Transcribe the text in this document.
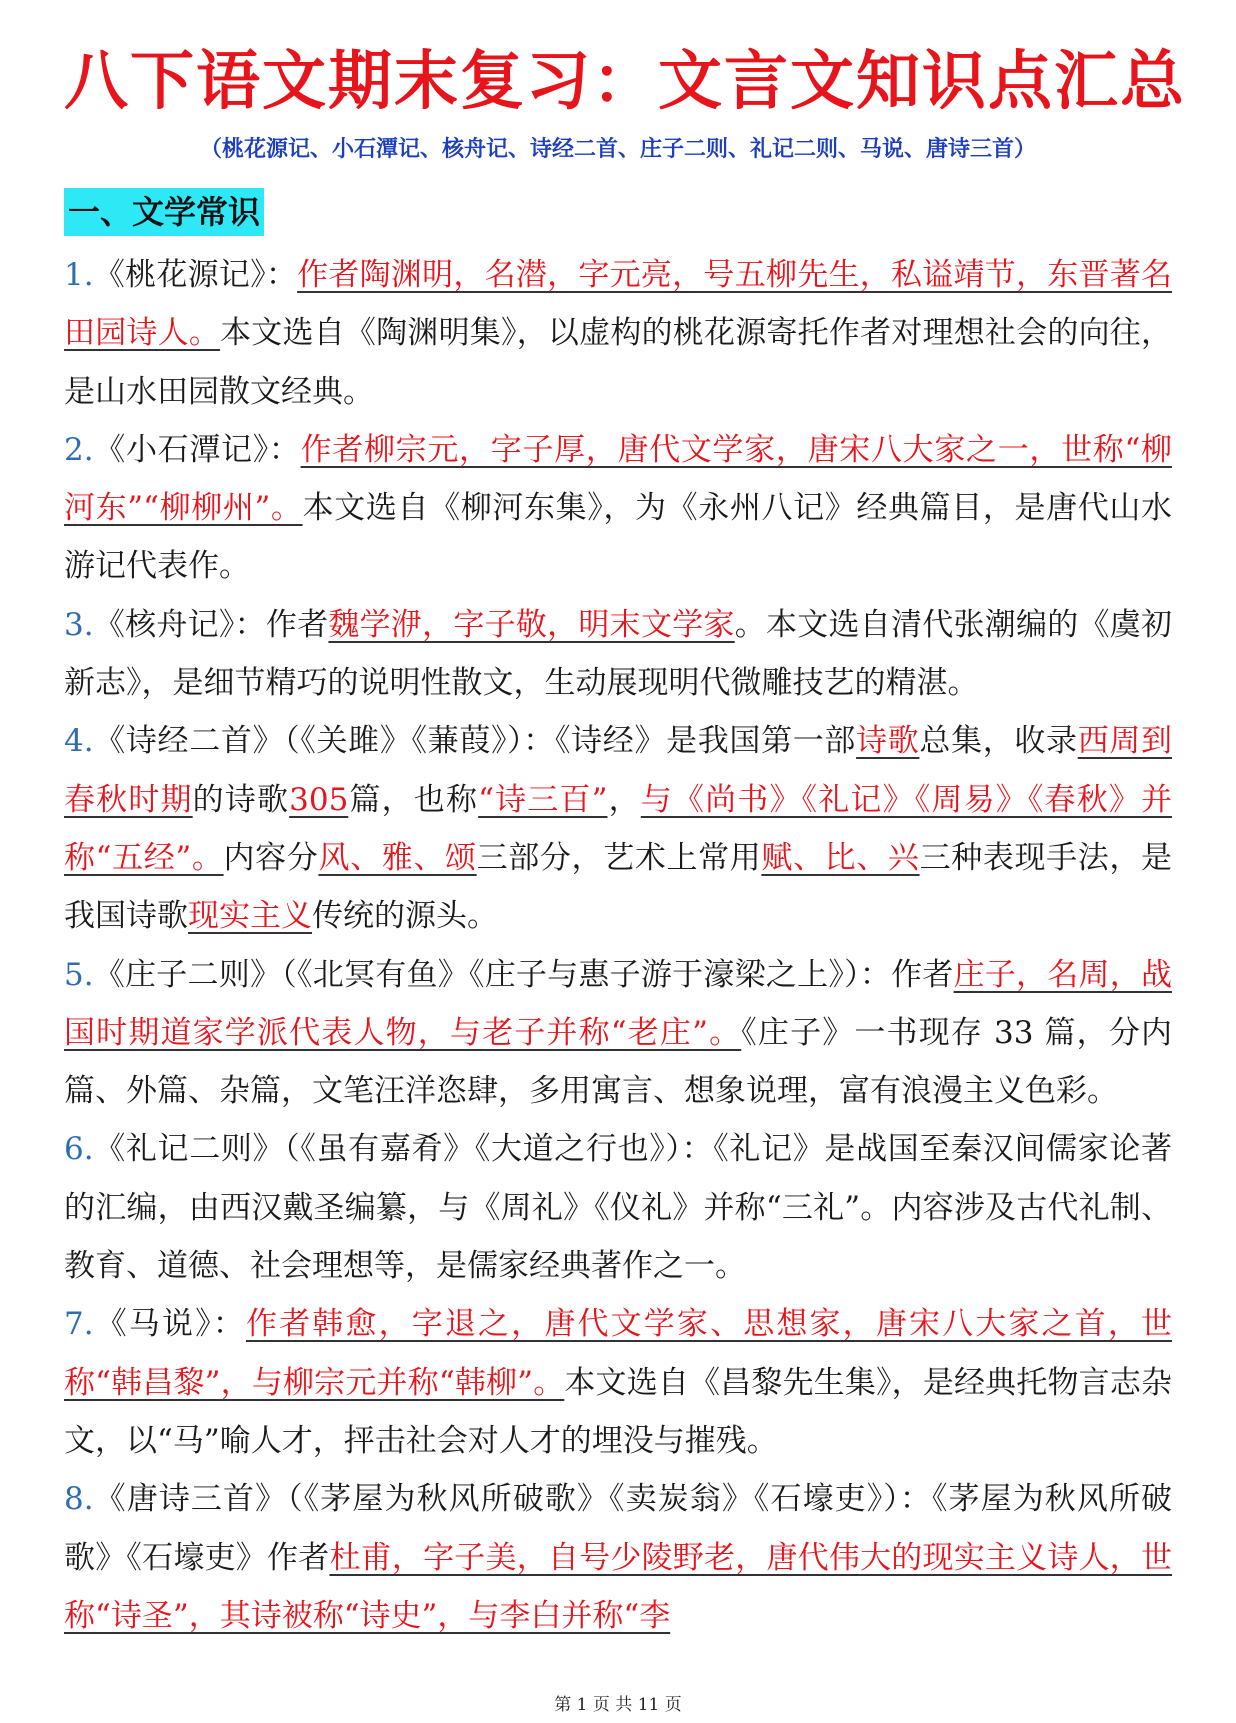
八下语文期末复习：文言文知识点汇总
（桃花源记、小石潭记、核舟记、诗经二首、庄子二则、礼记二则、马说、唐诗三首）
一、文学常识

1.《桃花源记》：作者陶渊明，名潜，字元亮，号五柳先生，私谥靖节，东晋著名田园诗人。本文选自《陶渊明集》，以虚构的桃花源寄托作者对理想社会的向往，是山水田园散文经典。

2.《小石潭记》：作者柳宗元，字子厚，唐代文学家，唐宋八大家之一，世称“柳河东”“柳柳州”。本文选自《柳河东集》，为《永州八记》经典篇目，是唐代山水游记代表作。

3.《核舟记》：作者魏学洢，字子敬，明末文学家。本文选自清代张潮编的《虞初新志》，是细节精巧的说明性散文，生动展现明代微雕技艺的精湛。

4.《诗经二首》（《关雎》《蒹葭》）：《诗经》是我国第一部诗歌总集，收录西周到春秋时期的诗歌305篇，也称“诗三百”，与《尚书》《礼记》《周易》《春秋》并称“五经”。内容分风、雅、颂三部分，艺术上常用赋、比、兴三种表现手法，是我国诗歌现实主义传统的源头。

5.《庄子二则》（《北冥有鱼》《庄子与惠子游于濠梁之上》）：作者庄子，名周，战国时期道家学派代表人物，与老子并称“老庄”。《庄子》一书现存 33 篇，分内篇、外篇、杂篇，文笔汪洋恣肆，多用寓言、想象说理，富有浪漫主义色彩。

6.《礼记二则》（《虽有嘉肴》《大道之行也》）：《礼记》是战国至秦汉间儒家论著的汇编，由西汉戴圣编纂，与《周礼》《仪礼》并称“三礼”。内容涉及古代礼制、教育、道德、社会理想等，是儒家经典著作之一。

7.《马说》：作者韩愈，字退之，唐代文学家、思想家，唐宋八大家之首，世称“韩昌黎”，与柳宗元并称“韩柳”。本文选自《昌黎先生集》，是经典托物言志杂文，以“马”喻人才，抨击社会对人才的埋没与摧残。

8.《唐诗三首》（《茅屋为秋风所破歌》《卖炭翁》《石壕吏》）：《茅屋为秋风所破歌》《石壕吏》作者杜甫，字子美，自号少陵野老，唐代伟大的现实主义诗人，世称“诗圣”，其诗被称“诗史”，与李白并称“李

第 1 页 共 11 页
